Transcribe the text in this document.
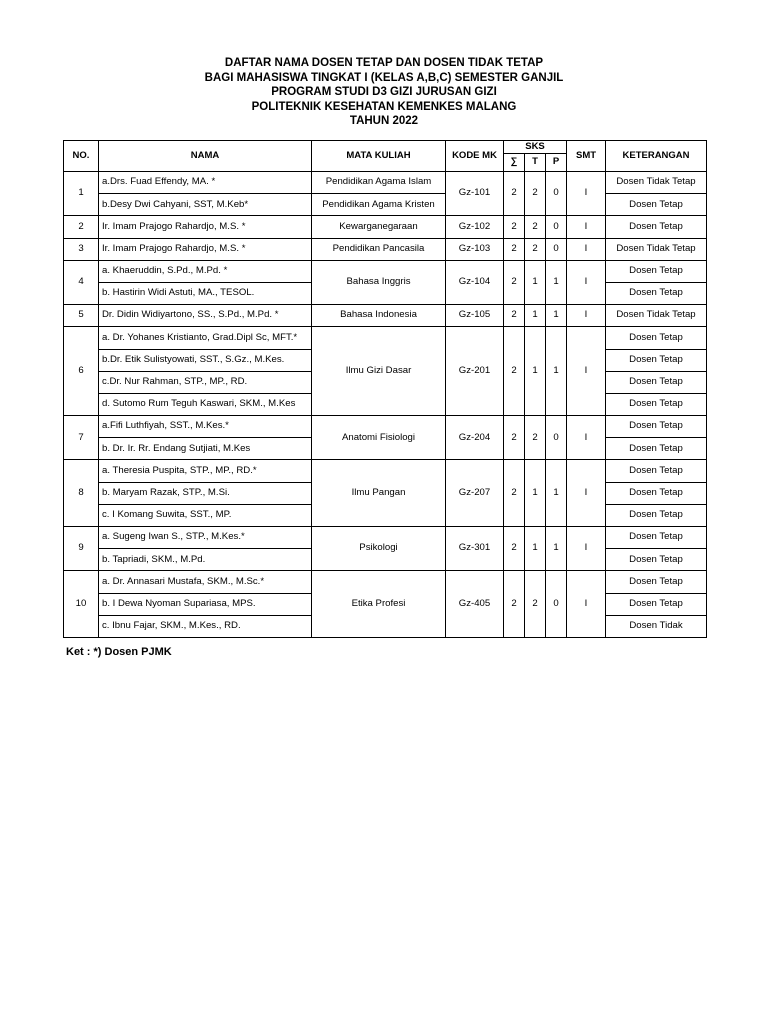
DAFTAR NAMA DOSEN TETAP DAN DOSEN TIDAK TETAP
BAGI MAHASISWA TINGKAT I (KELAS A,B,C) SEMESTER GANJIL
PROGRAM STUDI D3 GIZI JURUSAN GIZI
POLITEKNIK KESEHATAN KEMENKES MALANG
TAHUN 2022
NO.	NAMA	MATA KULIAH	KODE MK	SKS			SMT	KETERANGAN
				∑	T	P		
1	a.Drs. Fuad Effendy, MA. *	Pendidikan Agama Islam	Gz-101	2	2	0	I	Dosen Tidak Tetap
	b.Desy Dwi Cahyani, SST, M.Keb*	Pendidikan Agama Kristen						Dosen Tetap
2	Ir. Imam Prajogo Rahardjo, M.S. *	Kewarganegaraan	Gz-102	2	2	0	I	Dosen Tetap
3	Ir. Imam Prajogo Rahardjo, M.S. *	Pendidikan Pancasila	Gz-103	2	2	0	I	Dosen Tidak Tetap
4	a. Khaeruddin, S.Pd., M.Pd. *	Bahasa Inggris	Gz-104	2	1	1	I	Dosen Tetap
	b. Hastirin Widi Astuti, MA., TESOL.							Dosen Tetap
5	Dr. Didin Widiyartono, SS., S.Pd., M.Pd. *	Bahasa Indonesia	Gz-105	2	1	1	I	Dosen Tidak Tetap
6	a. Dr. Yohanes Kristianto, Grad.Dipl Sc, MFT.*	Ilmu Gizi Dasar	Gz-201	2	1	1	I	Dosen Tetap
	b.Dr. Etik Sulistyowati, SST., S.Gz., M.Kes.							Dosen Tetap
	c.Dr. Nur Rahman, STP., MP., RD.							Dosen Tetap
	d. Sutomo Rum Teguh Kaswari, SKM., M.Kes							Dosen Tetap
7	a.Fifi Luthfiyah, SST., M.Kes.*	Anatomi Fisiologi	Gz-204	2	2	0	I	Dosen Tetap
	b. Dr. Ir. Rr. Endang Sutjiati, M.Kes							Dosen Tetap
8	a. Theresia Puspita, STP., MP., RD.*	Ilmu Pangan	Gz-207	2	1	1	I	Dosen Tetap
	b. Maryam Razak, STP., M.Si.							Dosen Tetap
	c. I Komang Suwita, SST., MP.							Dosen Tetap
9	a. Sugeng Iwan S., STP., M.Kes.*	Psikologi	Gz-301	2	1	1	I	Dosen Tetap
	b. Tapriadi, SKM., M.Pd.							Dosen Tetap
10	a. Dr. Annasari Mustafa, SKM., M.Sc.*	Etika Profesi	Gz-405	2	2	0	I	Dosen Tetap
	b. I Dewa Nyoman Supariasa, MPS.							Dosen Tetap
	c. Ibnu Fajar, SKM., M.Kes., RD.							Dosen Tidak
Ket : *) Dosen PJMK
